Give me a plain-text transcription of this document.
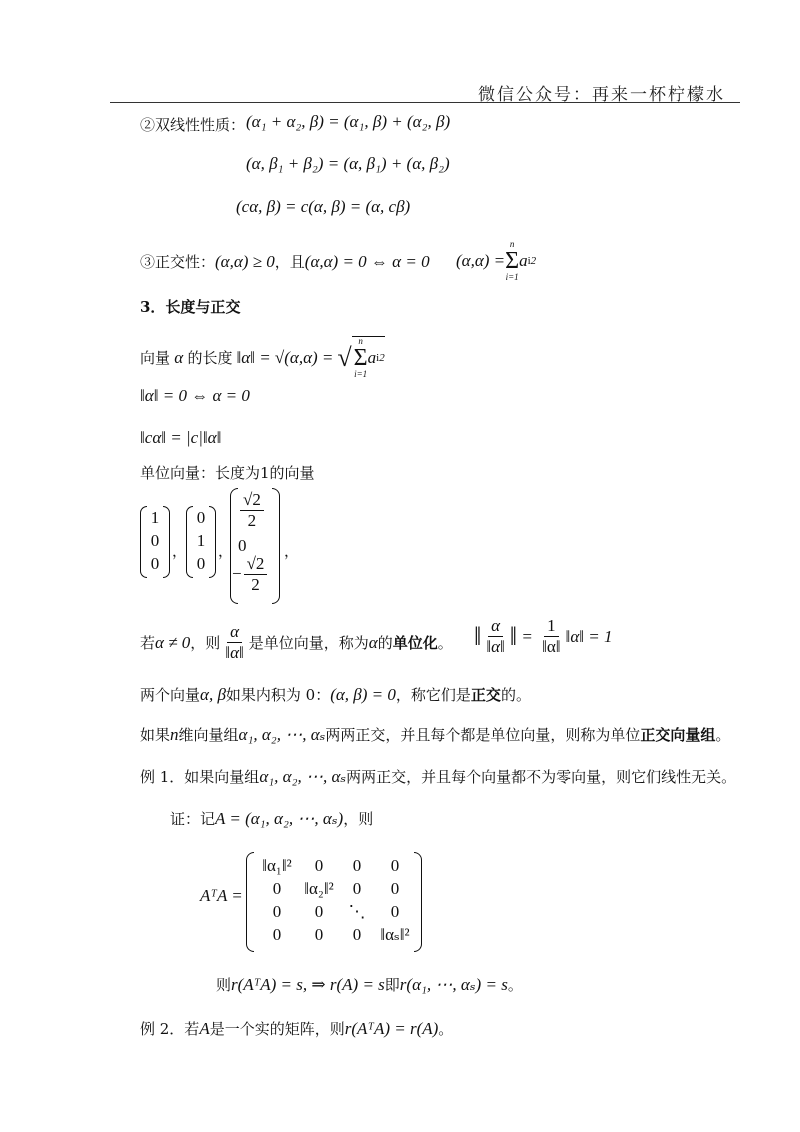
微信公众号：再来一杯柠檬水
②双线性性质： (α₁ + α₂, β) = (α₁, β) + (α₂, β)
(α, β₁ + β₂) = (α, β₁) + (α, β₂)
(cα, β) = c(α, β) = (α, cβ)
③正交性：(α,α) ≥ 0，且(α,α) = 0 ⇔ α = 0 (α,α) =
n
Σ
i=1
a i 2
3．长度与正交
向量 α 的长度 ‖α‖ = √(α,α) = √
n
Σ
i=1
a i 2
‖α‖ = 0 ⇔ α = 0
‖cα‖ = |c|‖α‖
单位向量：长度为1的向量
1
0
0
，
0
1
0
，
$\frac{√2}{2}$
0
− $\frac{√2}{2}$
，
若 α ≠ 0 ，则 $\frac{\alpha}{‖\alpha‖}$ 是单位向量，称为 α 的 单位化 。 ‖ $\frac{\alpha}{‖\alpha‖}$ ‖ = $\frac{1}{‖\alpha‖}$ ‖α‖ = 1
两个向量α, β如果内积为 0：(α, β) = 0，称它们是正交的。
如果n维向量组α₁, α₂, ⋯, αₛ两两正交，并且每个都是单位向量，则称为单位正交向量组。
例 1．如果向量组α₁, α₂, ⋯, αₛ两两正交，并且每个向量都不为零向量，则它们线性无关。
证：记A = (α₁, α₂, ⋯, αₛ)，则
AᵀA =
‖α₁‖²	0	0	0
0	‖α₂‖²	0	0
0	0	⋱	0
0	0	0	‖αₛ‖²
则r(AᵀA) = s, ⇒ r(A) = s即r(α₁, ⋯, αₛ) = s。
例 2．若A是一个实的矩阵，则r(AᵀA) = r(A)。
